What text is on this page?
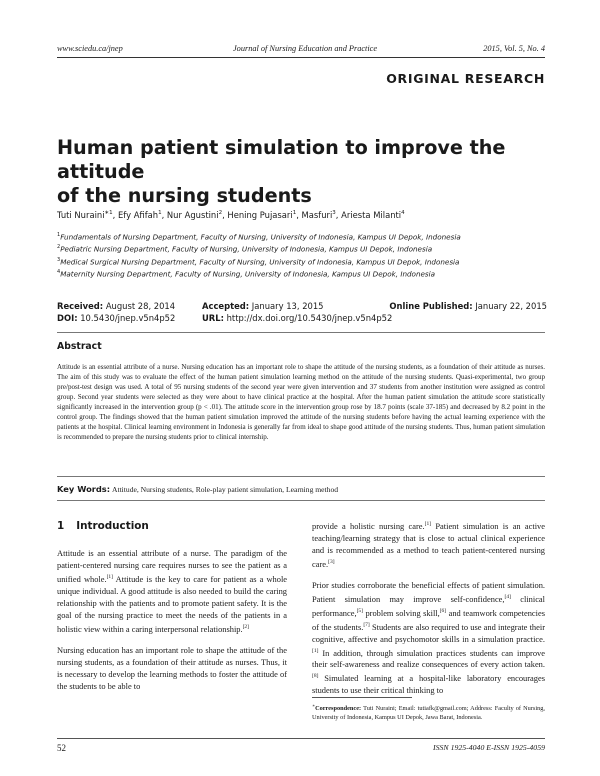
www.sciedu.ca/jnep	Journal of Nursing Education and Practice	2015, Vol. 5, No. 4
ORIGINAL RESEARCH
Human patient simulation to improve the attitude
of the nursing students
Tuti Nuraini$^{∗1}$, Efy Afifah$^1$, Nur Agustini$^2$, Hening Pujasari$^1$, Masfuri$^3$, Ariesta Milanti$^4$
$^1$Fundamentals of Nursing Department, Faculty of Nursing, University of Indonesia, Kampus UI Depok, Indonesia
$^2$Pediatric Nursing Department, Faculty of Nursing, University of Indonesia, Kampus UI Depok, Indonesia
$^3$Medical Surgical Nursing Department, Faculty of Nursing, University of Indonesia, Kampus UI Depok, Indonesia
$^4$Maternity Nursing Department, Faculty of Nursing, University of Indonesia, Kampus UI Depok, Indonesia
Received: August 28, 2014	Accepted: January 13, 2015	Online Published: January 22, 2015
DOI: 10.5430/jnep.v5n4p52	URL: http://dx.doi.org/10.5430/jnep.v5n4p52
Abstract
Attitude is an essential attribute of a nurse. Nursing education has an important role to shape the attitude of the nursing students, as a foundation of their attitude as nurses. The aim of this study was to evaluate the effect of the human patient simulation learning method on the attitude of the nursing students. Quasi-experimental, two group pre/post-test design was used. A total of 95 nursing students of the second year were given intervention and 37 students from another institution were assigned as control group. Second year students were selected as they were about to have clinical practice at the hospital. After the human patient simulation the attitude score statistically significantly increased in the intervention group (p < .01). The attitude score in the intervention group rose by 18.7 points (scale 37-185) and decreased by 8.2 point in the control group. The findings showed that the human patient simulation improved the attitude of the nursing students before having the actual learning experience with the patients at the hospital. Clinical learning environment in Indonesia is generally far from ideal to shape good attitude of the nursing students. Thus, human patient simulation is recommended to prepare the nursing students prior to clinical internship.
Key Words: Attitude, Nursing students, Role-play patient simulation, Learning method
1 Introduction

Attitude is an essential attribute of a nurse. The paradigm of the patient-centered nursing care requires nurses to see the patient as a unified whole.[1] Attitude is the key to care for patient as a whole unique individual. A good attitude is also needed to build the caring relationship with the patients and to promote patient safety. It is the goal of the nursing practice to meet the needs of the patients in a holistic view within a caring interpersonal relationship.[2]

Nursing education has an important role to shape the attitude of the nursing students, as a foundation of their attitude as nurses. Thus, it is necessary to develop the learning methods to foster the attitude of the students to be able to

provide a holistic nursing care.[1] Patient simulation is an active teaching/learning strategy that is close to actual clinical experience and is recommended as a method to teach patient-centered nursing care.[3]

Prior studies corroborate the beneficial effects of patient simulation. Patient simulation may improve self-confidence,[4] clinical performance,[5] problem solving skill,[6] and teamwork competencies of the students.[7] Students are also required to use and integrate their cognitive, affective and psychomotor skills in a simulation practice.[1] In addition, through simulation practices students can improve their self-awareness and realize consequences of every action taken.[8] Simulated learning at a hospital-like laboratory encourages students to use their critical thinking to

∗Correspondence: Tuti Nuraini; Email: tutiafk@gmail.com; Address: Faculty of Nursing, University of Indonesia, Kampus UI Depok, Jawa Barat, Indonesia.
52	ISSN 1925-4040 E-ISSN 1925-4059
